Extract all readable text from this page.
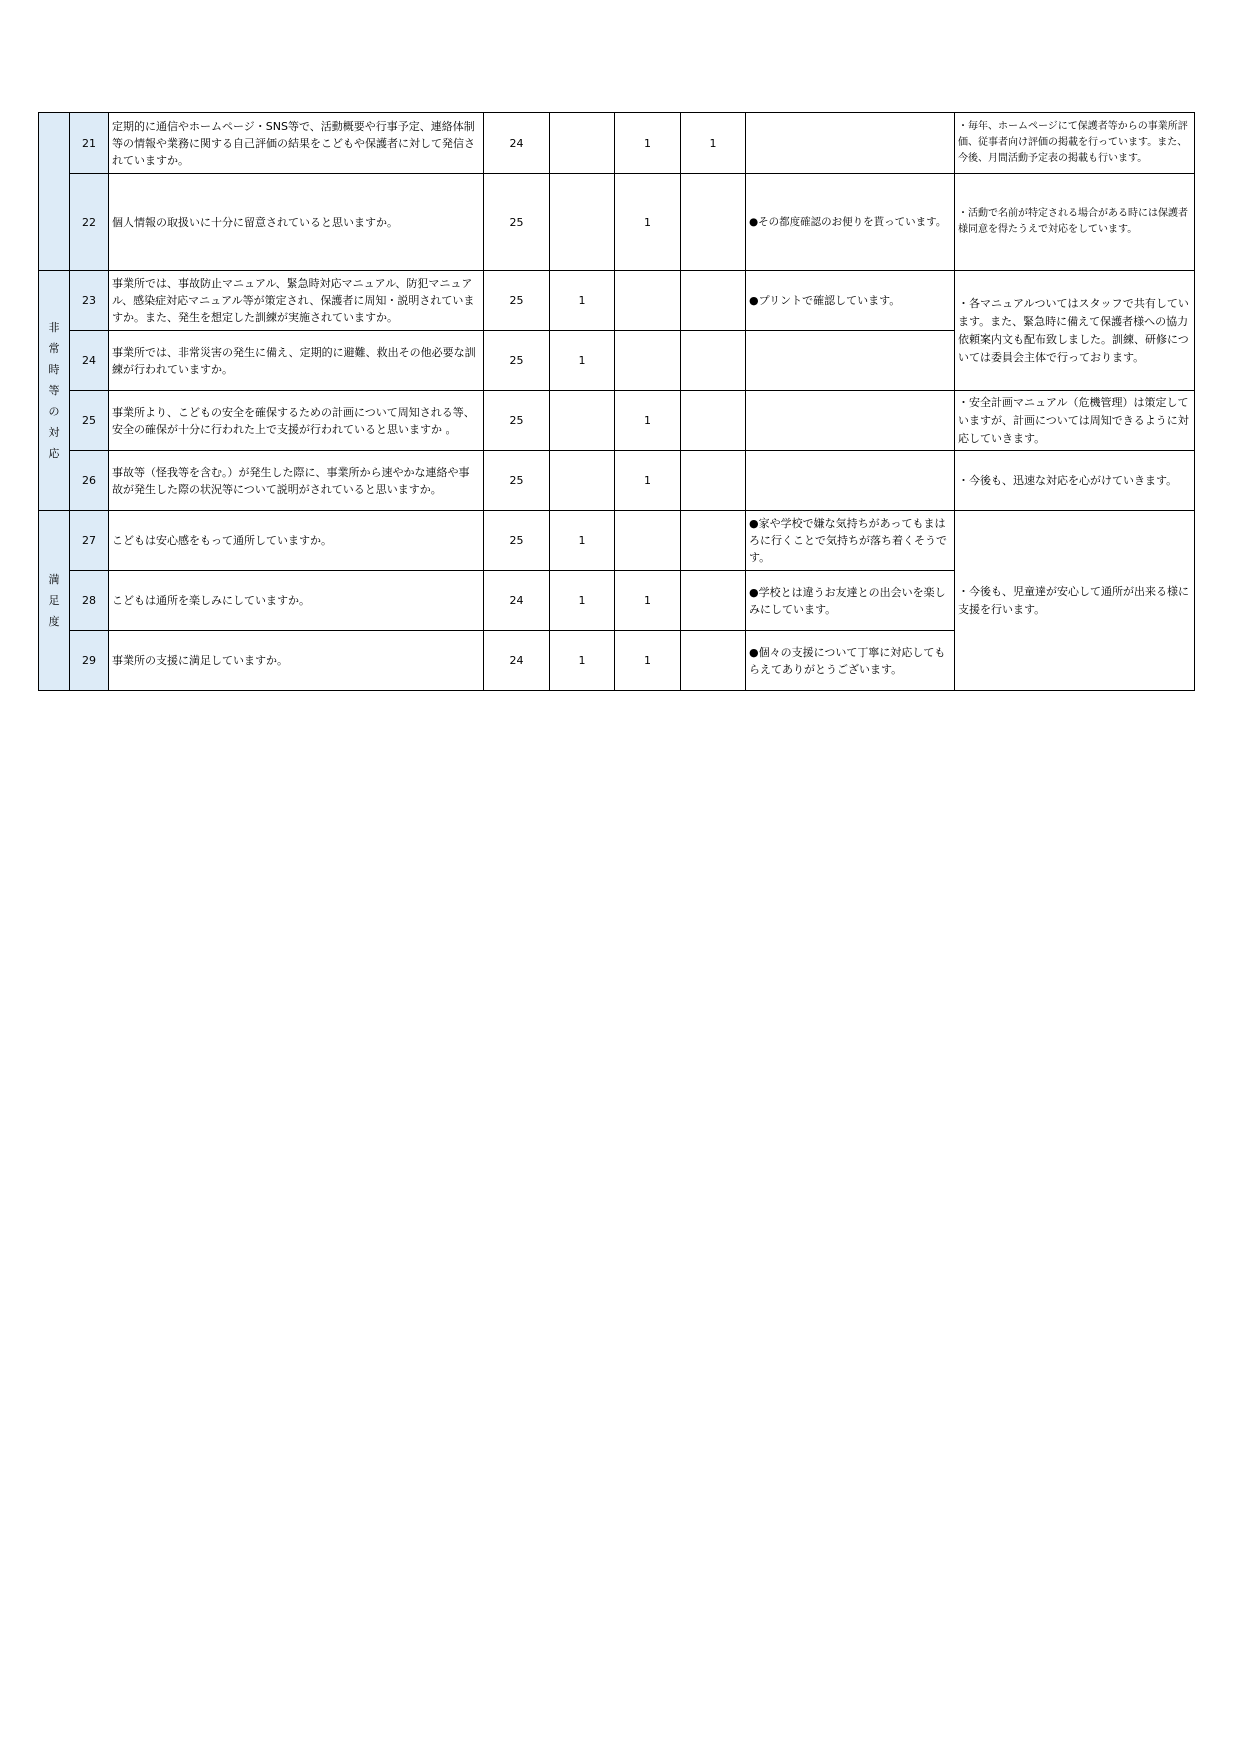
	21	定期的に通信やホームページ・SNS等で、活動概要や行事予定、連絡体制等の情報や業務に関する自己評価の結果をこどもや保護者に対して発信されていますか。	24		1	1		・毎年、ホームページにて保護者等からの事業所評価、従事者向け評価の掲載を行っています。また、今後、月間活動予定表の掲載も行います。
	22	個人情報の取扱いに十分に留意されていると思いますか。	25		1		●その都度確認のお便りを貰っています。	・活動で名前が特定される場合がある時には保護者様同意を得たうえで対応をしています。
非常時等の対応	23	事業所では、事故防止マニュアル、緊急時対応マニュアル、防犯マニュアル、感染症対応マニュアル等が策定され、保護者に周知・説明されていますか。また、発生を想定した訓練が実施されていますか。	25	1			●プリントで確認しています。	・各マニュアルついてはスタッフで共有しています。また、緊急時に備えて保護者様への協力依頼案内文も配布致しました。訓練、研修については委員会主体で行っております。
	24	事業所では、非常災害の発生に備え、定期的に避難、救出その他必要な訓練が行われていますか。	25	1				
	25	事業所より、こどもの安全を確保するための計画について周知される等、安全の確保が十分に行われた上で支援が行われていると思いますか 。	25		1			・安全計画マニュアル（危機管理）は策定していますが、計画については周知できるように対応していきます。
	26	事故等（怪我等を含む。）が発生した際に、事業所から速やかな連絡や事故が発生した際の状況等について説明がされていると思いますか。	25		1			・今後も、迅速な対応を心がけていきます。
満足度	27	こどもは安心感をもって通所していますか。	25	1			●家や学校で嫌な気持ちがあってもまはろに行くことで気持ちが落ち着くそうです。	・今後も、児童達が安心して通所が出来る様に支援を行います。
	28	こどもは通所を楽しみにしていますか。	24	1	1		●学校とは違うお友達との出会いを楽しみにしています。	
	29	事業所の支援に満足していますか。	24	1	1		●個々の支援について丁寧に対応してもらえてありがとうございます。	
